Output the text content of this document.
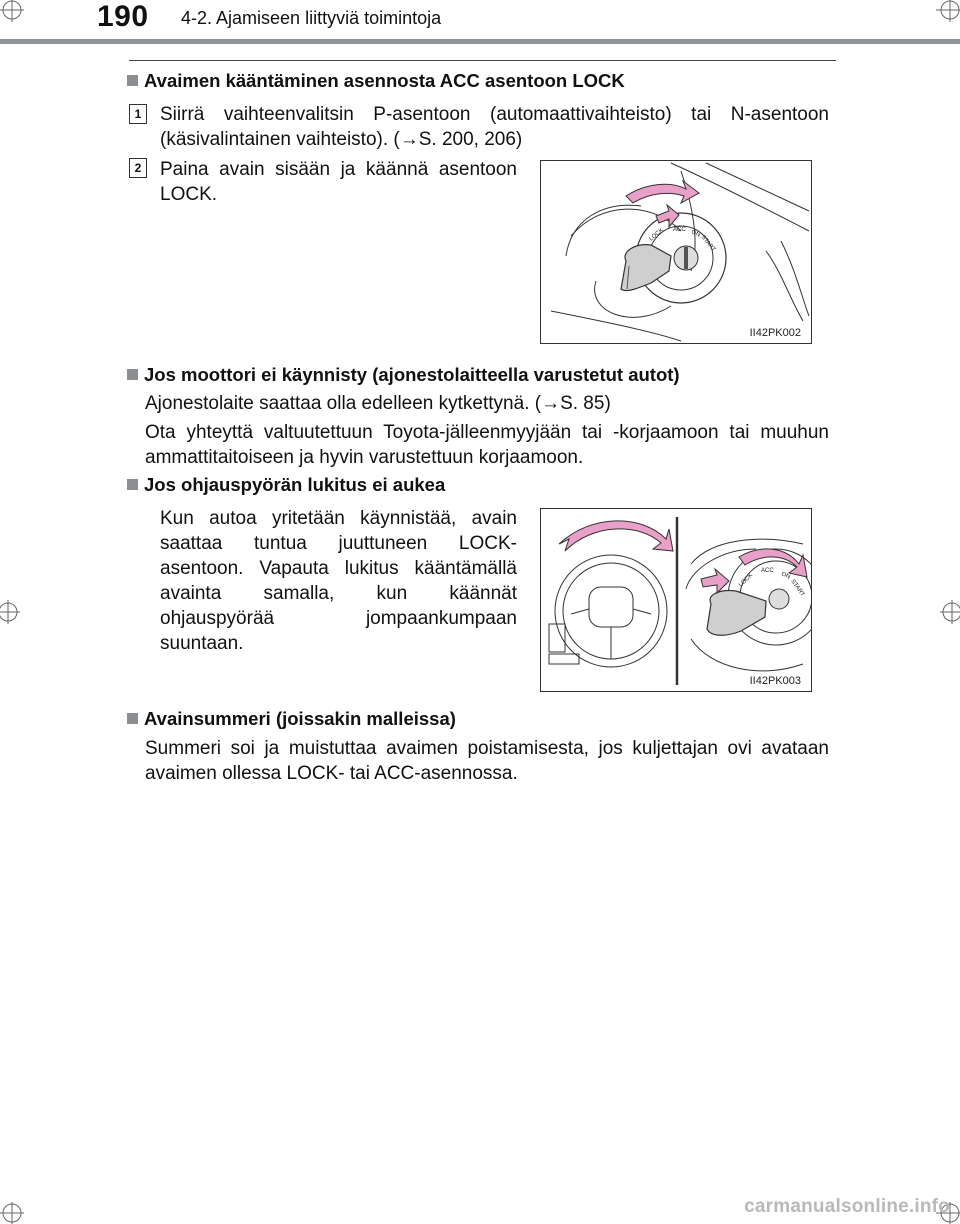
190 4-2. Ajamiseen liittyviä toimintoja
Avaimen kääntäminen asennosta ACC asentoon LOCK
1 Siirrä vaihteenvalitsin P-asentoon (automaattivaihteisto) tai N-asentoon (käsivalintainen vaihteisto). (→S. 200, 206)
2 Paina avain sisään ja käännä asentoon LOCK.
LOCK ACC ON
START
II42PK002
Jos moottori ei käynnisty (ajonestolaitteella varustetut autot)
Ajonestolaite saattaa olla edelleen kytkettynä. (→S. 85)
Ota yhteyttä valtuutettuun Toyota-jälleenmyyjään tai -korjaamoon tai muuhun ammattitaitoiseen ja hyvin varustettuun korjaamoon.
Jos ohjauspyörän lukitus ei aukea
Kun autoa yritetään käynnistää, avain saattaa tuntua juuttuneen LOCK-asentoon. Vapauta lukitus kääntämällä avainta samalla, kun käännät ohjauspyörää jompaankumpaan suuntaan.
LOCK
ACC
ON
START
II42PK003
Avainsummeri (joissakin malleissa)
Summeri soi ja muistuttaa avaimen poistamisesta, jos kuljettajan ovi avataan avaimen ollessa LOCK- tai ACC-asennossa.
carmanualsonline.info
